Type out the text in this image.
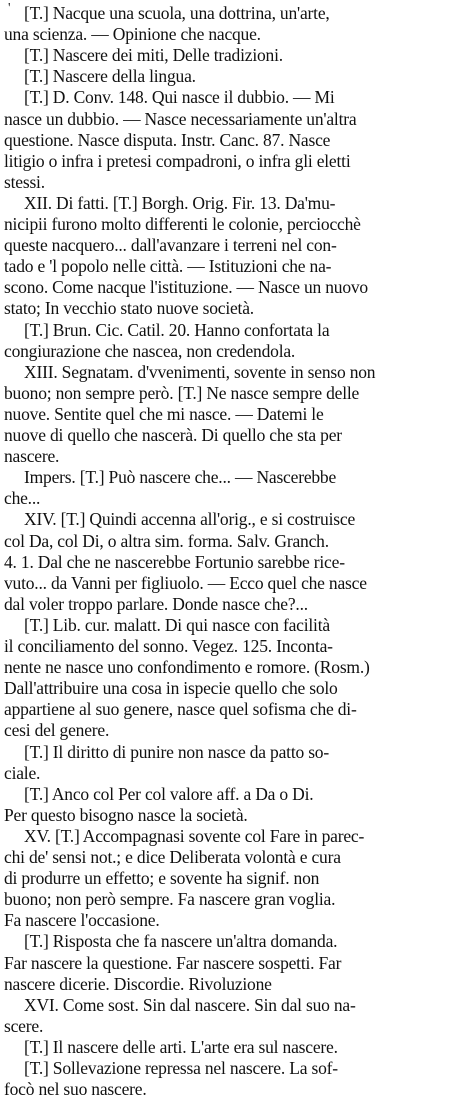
' [T.] Nacque una scuola, una dottrina, un'arte,
una scienza. — Opinione che nacque.
[T.] Nascere dei miti, Delle tradizioni.
[T.] Nascere della lingua.
[T.] D. Conv. 148. Qui nasce il dubbio. — Mi
nasce un dubbio. — Nasce necessariamente un'altra
questione. Nasce disputa. Instr. Canc. 87. Nasce
litigio o infra i pretesi compadroni, o infra gli eletti
stessi.
XII. Di fatti. [T.] Borgh. Orig. Fir. 13. Da'mu-
nicipii furono molto differenti le colonie, perciocchè
queste nacquero... dall'avanzare i terreni nel con-
tado e 'l popolo nelle città. — Istituzioni che na-
scono. Come nacque l'istituzione. — Nasce un nuovo
stato; In vecchio stato nuove società.
[T.] Brun. Cic. Catil. 20. Hanno confortata la
congiurazione che nascea, non credendola.
XIII. Segnatam. d'vvenimenti, sovente in senso non
buono; non sempre però. [T.] Ne nasce sempre delle
nuove. Sentite quel che mi nasce. — Datemi le
nuove di quello che nascerà. Di quello che sta per
nascere.
Impers. [T.] Può nascere che... — Nascerebbe
che...
XIV. [T.] Quindi accenna all'orig., e si costruisce
col Da, col Di, o altra sim. forma. Salv. Granch.
4. 1. Dal che ne nascerebbe Fortunio sarebbe rice-
vuto... da Vanni per figliuolo. — Ecco quel che nasce
dal voler troppo parlare. Donde nasce che?...
[T.] Lib. cur. malatt. Di qui nasce con facilità
il conciliamento del sonno. Vegez. 125. Inconta-
nente ne nasce uno confondimento e romore. (Rosm.)
Dall'attribuire una cosa in ispecie quello che solo
appartiene al suo genere, nasce quel sofisma che di-
cesi del genere.
[T.] Il diritto di punire non nasce da patto so-
ciale.
[T.] Anco col Per col valore aff. a Da o Di.
Per questo bisogno nasce la società.
XV. [T.] Accompagnasi sovente col Fare in parec-
chi de' sensi not.; e dice Deliberata volontà e cura
di produrre un effetto; e sovente ha signif. non
buono; non però sempre. Fa nascere gran voglia.
Fa nascere l'occasione.
[T.] Risposta che fa nascere un'altra domanda.
Far nascere la questione. Far nascere sospetti. Far
nascere dicerie. Discordie. Rivoluzione
XVI. Come sost. Sin dal nascere. Sin dal suo na-
scere.
[T.] Il nascere delle arti. L'arte era sul nascere.
[T.] Sollevazione repressa nel nascere. La sof-
focò nel suo nascere.
